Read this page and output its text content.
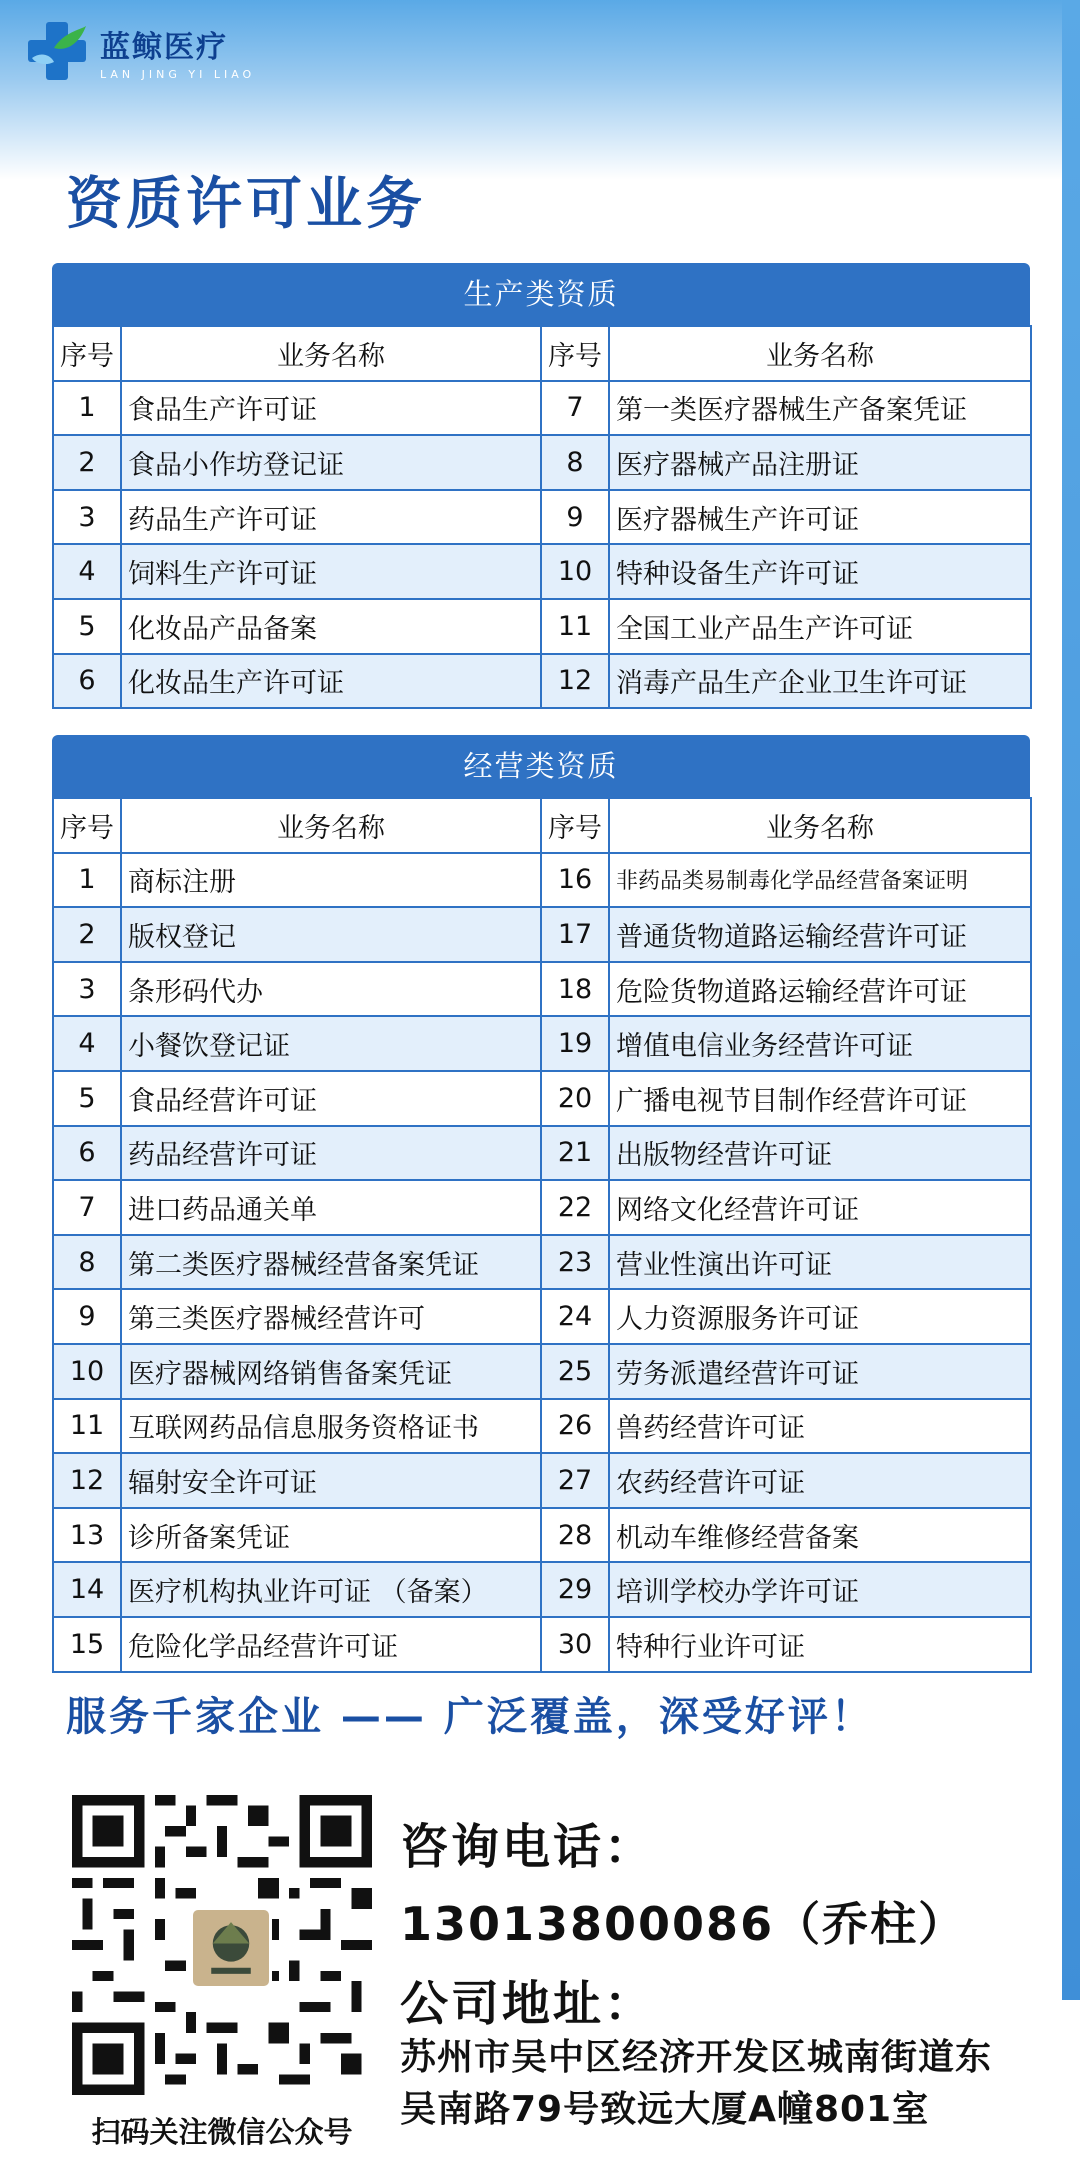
蓝鲸医疗
LAN JING YI LIAO
资质许可业务
生产类资质
序号	业务名称	序号	业务名称
1	食品生产许可证	7	第一类医疗器械生产备案凭证
2	食品小作坊登记证	8	医疗器械产品注册证
3	药品生产许可证	9	医疗器械生产许可证
4	饲料生产许可证	10	特种设备生产许可证
5	化妆品产品备案	11	全国工业产品生产许可证
6	化妆品生产许可证	12	消毒产品生产企业卫生许可证
经营类资质
序号	业务名称	序号	业务名称
1	商标注册	16	非药品类易制毒化学品经营备案证明
2	版权登记	17	普通货物道路运输经营许可证
3	条形码代办	18	危险货物道路运输经营许可证
4	小餐饮登记证	19	增值电信业务经营许可证
5	食品经营许可证	20	广播电视节目制作经营许可证
6	药品经营许可证	21	出版物经营许可证
7	进口药品通关单	22	网络文化经营许可证
8	第二类医疗器械经营备案凭证	23	营业性演出许可证
9	第三类医疗器械经营许可	24	人力资源服务许可证
10	医疗器械网络销售备案凭证	25	劳务派遣经营许可证
11	互联网药品信息服务资格证书	26	兽药经营许可证
12	辐射安全许可证	27	农药经营许可证
13	诊所备案凭证	28	机动车维修经营备案
14	医疗机构执业许可证 （备案）	29	培训学校办学许可证
15	危险化学品经营许可证	30	特种行业许可证
服务千家企业 —— 广泛覆盖，深受好评！
扫码关注微信公众号
咨询电话：
13013800086（乔柱）
公司地址：
苏州市吴中区经济开发区城南街道东
吴南路79号致远大厦A幢801室
